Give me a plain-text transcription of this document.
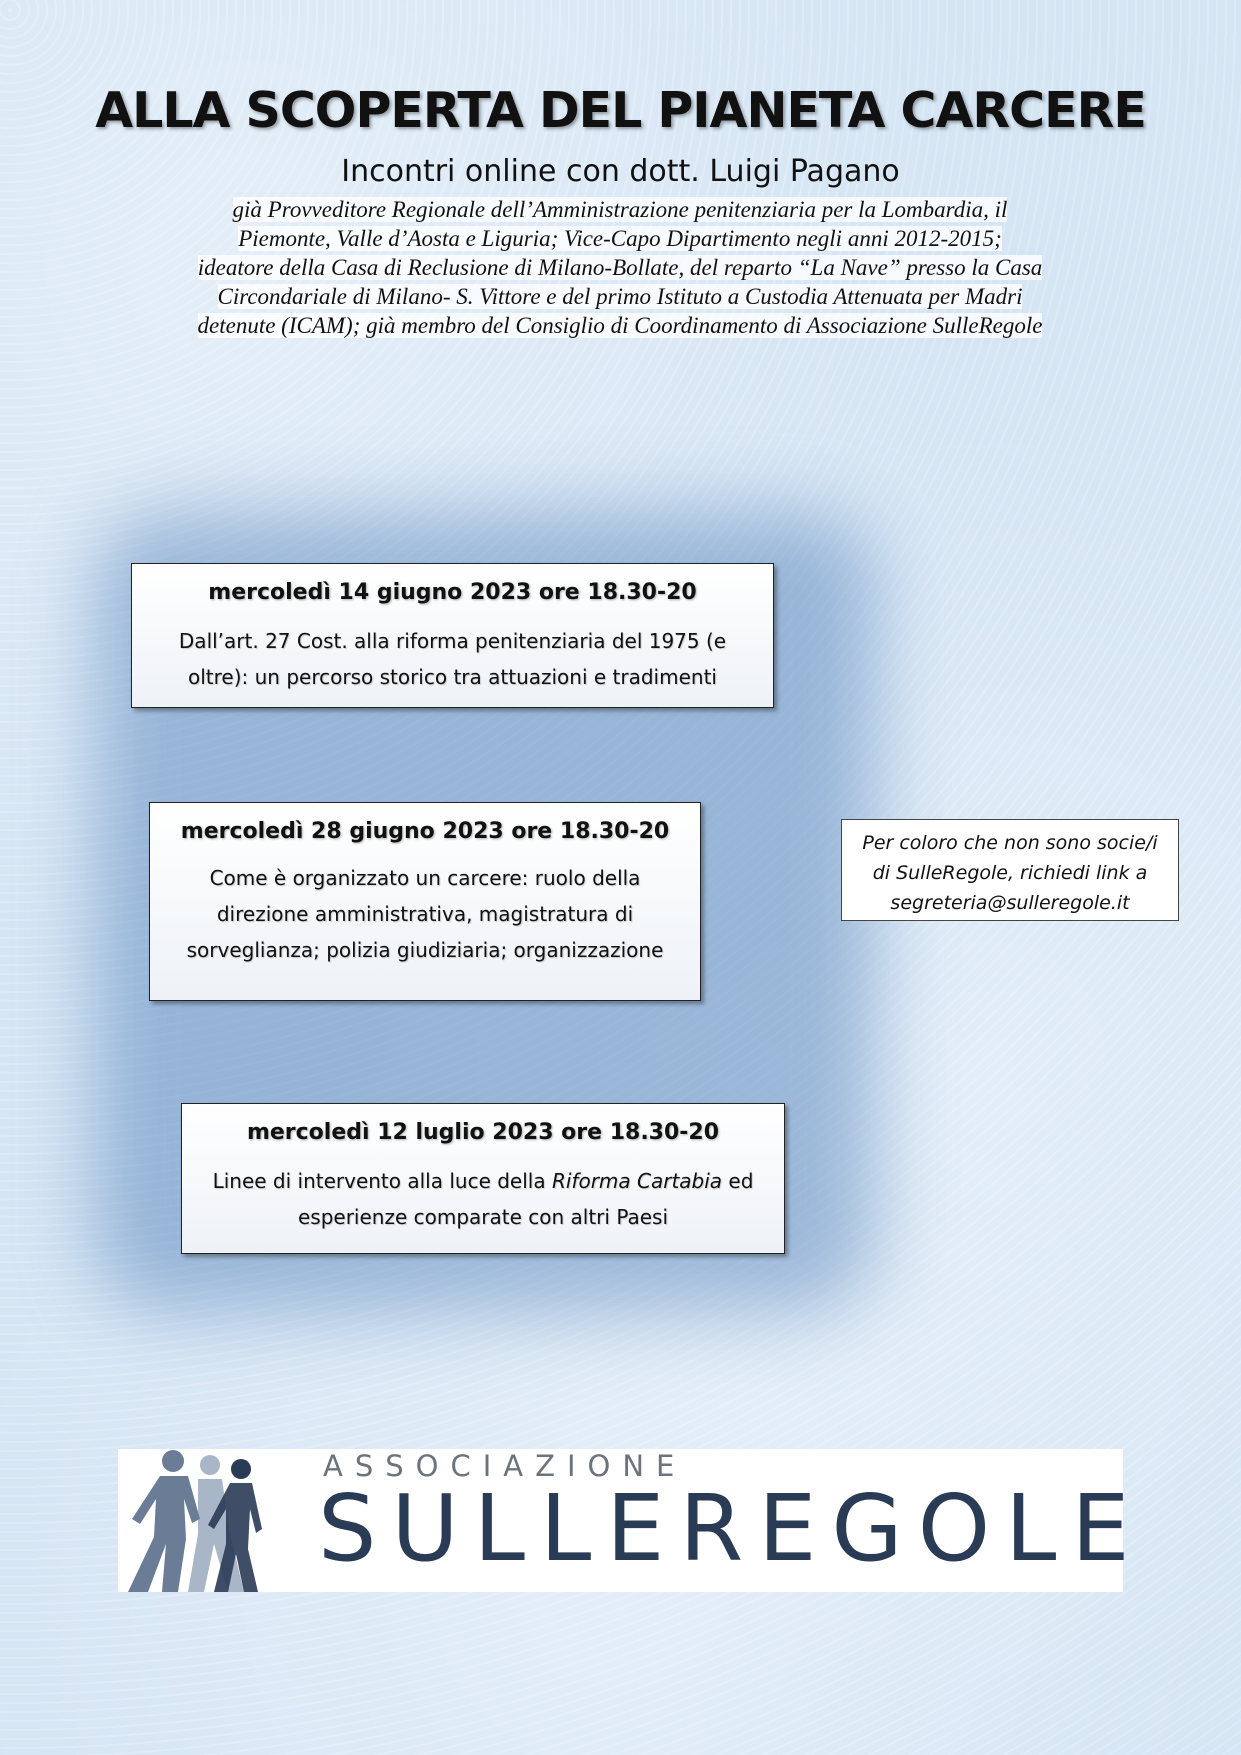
ALLA SCOPERTA DEL PIANETA CARCERE

Incontri online con dott. Luigi Pagano

già Provveditore Regionale dell’Amministrazione penitenziaria per la Lombardia, il
Piemonte, Valle d’Aosta e Liguria; Vice-Capo Dipartimento negli anni 2012-2015;
ideatore della Casa di Reclusione di Milano-Bollate, del reparto “La Nave” presso la Casa
Circondariale di Milano- S. Vittore e del primo Istituto a Custodia Attenuata per Madri
detenute (ICAM); già membro del Consiglio di Coordinamento di Associazione SulleRegole

mercoledì 14 giugno 2023 ore 18.30-20

Dall’art. 27 Cost. alla riforma penitenziaria del 1975 (e
oltre): un percorso storico tra attuazioni e tradimenti

mercoledì 28 giugno 2023 ore 18.30-20

Come è organizzato un carcere: ruolo della
direzione amministrativa, magistratura di
sorveglianza; polizia giudiziaria; organizzazione

mercoledì 12 luglio 2023 ore 18.30-20

Linee di intervento alla luce della Riforma Cartabia ed
esperienze comparate con altri Paesi

Per coloro che non sono socie/i
di SulleRegole, richiedi link a
segreteria@sulleregole.it

ASSOCIAZIONE

SULLEREGOLE
